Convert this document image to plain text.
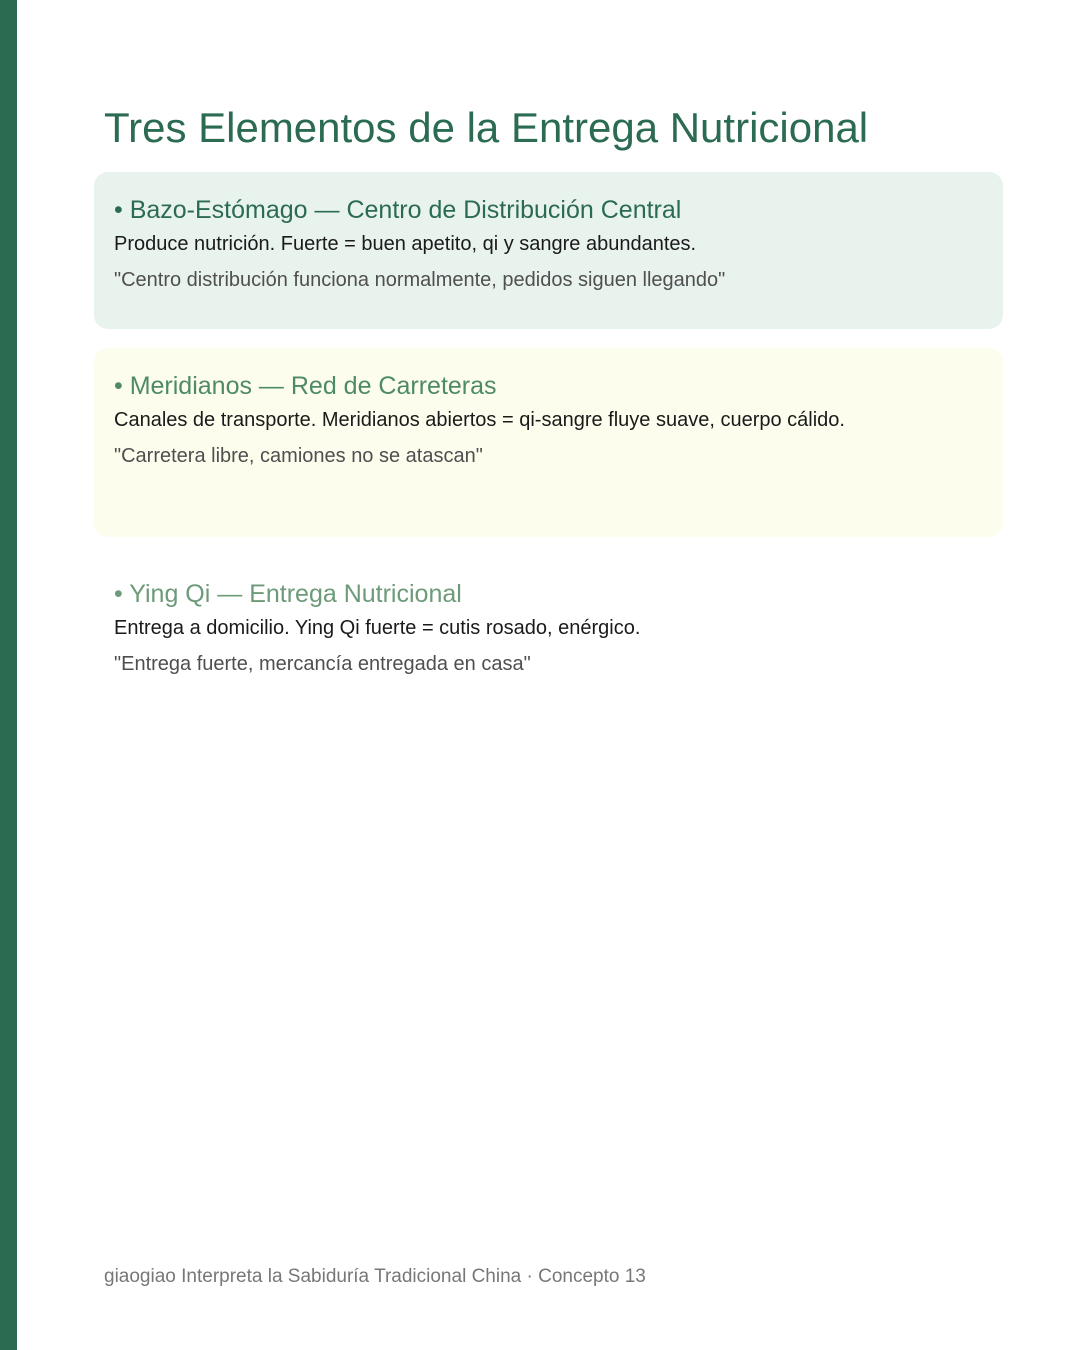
Tres Elementos de la Entrega Nutricional
• Bazo-Estómago — Centro de Distribución Central
Produce nutrición. Fuerte = buen apetito, qi y sangre abundantes.
"Centro distribución funciona normalmente, pedidos siguen llegando"
• Meridianos — Red de Carreteras
Canales de transporte. Meridianos abiertos = qi-sangre fluye suave, cuerpo cálido.
"Carretera libre, camiones no se atascan"
• Ying Qi — Entrega Nutricional
Entrega a domicilio. Ying Qi fuerte = cutis rosado, enérgico.
"Entrega fuerte, mercancía entregada en casa"
giaogiao Interpreta la Sabiduría Tradicional China · Concepto 13
